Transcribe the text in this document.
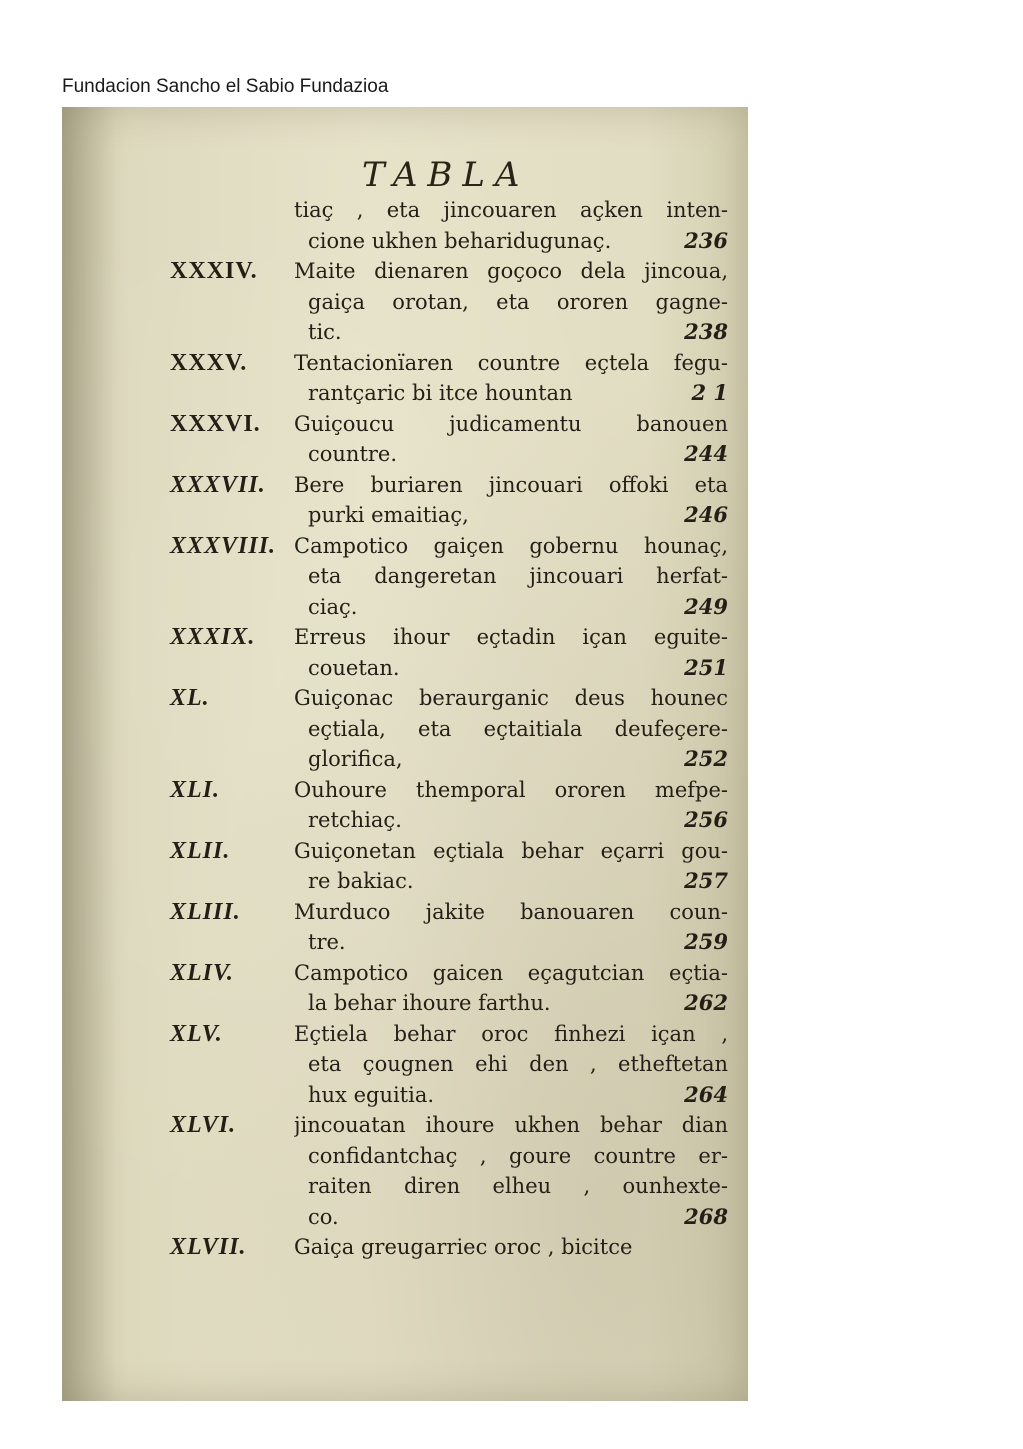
Fundacion Sancho el Sabio Fundazioa
TABLA
tiaç , eta jincouaren açken inten-
cione ukhen beharidugunaç.	236
XXXIV. Maite dienaren goçoco dela jincoua,
gaiça orotan, eta ororen gagne-
tic.	238
XXXV. Tentacionïaren countre eçtela fegu-
rantçaric bi itce hountan	2 1
XXXVI. Guiçoucu judicamentu banouen
countre.	244
XXXVII. Bere buriaren jincouari offoki eta
purki emaitiaç,	246
XXXVIII. Campotico gaiçen gobernu hounaç,
eta dangeretan jincouari herfat-
ciaç.	249
XXXIX. Erreus ihour eçtadin içan eguite-
couetan.	251
XL.	Guiçonac beraurganic deus hounec
eçtiala, eta eçtaitiala deufeçere-
glorifica,	252
XLI.	Ouhoure themporal ororen mefpe-
retchiaç.	256
XLII.	Guiçonetan eçtiala behar eçarri gou-
re bakiac.	257
XLIII.	Murduco jakite banouaren coun-
tre.	259
XLIV.	Campotico gaicen eçagutcian eçtia-
la behar ihoure farthu.	262
XLV.	Eçtiela behar oroc finhezi içan ,
eta çougnen ehi den , etheftetan
hux eguitia.	264
XLVI.	jincouatan ihoure ukhen behar dian
confidantchaç , goure countre er-
raiten diren elheu , ounhexte-
co.	268
XLVII. Gaiça greugarriec oroc , bicitce
